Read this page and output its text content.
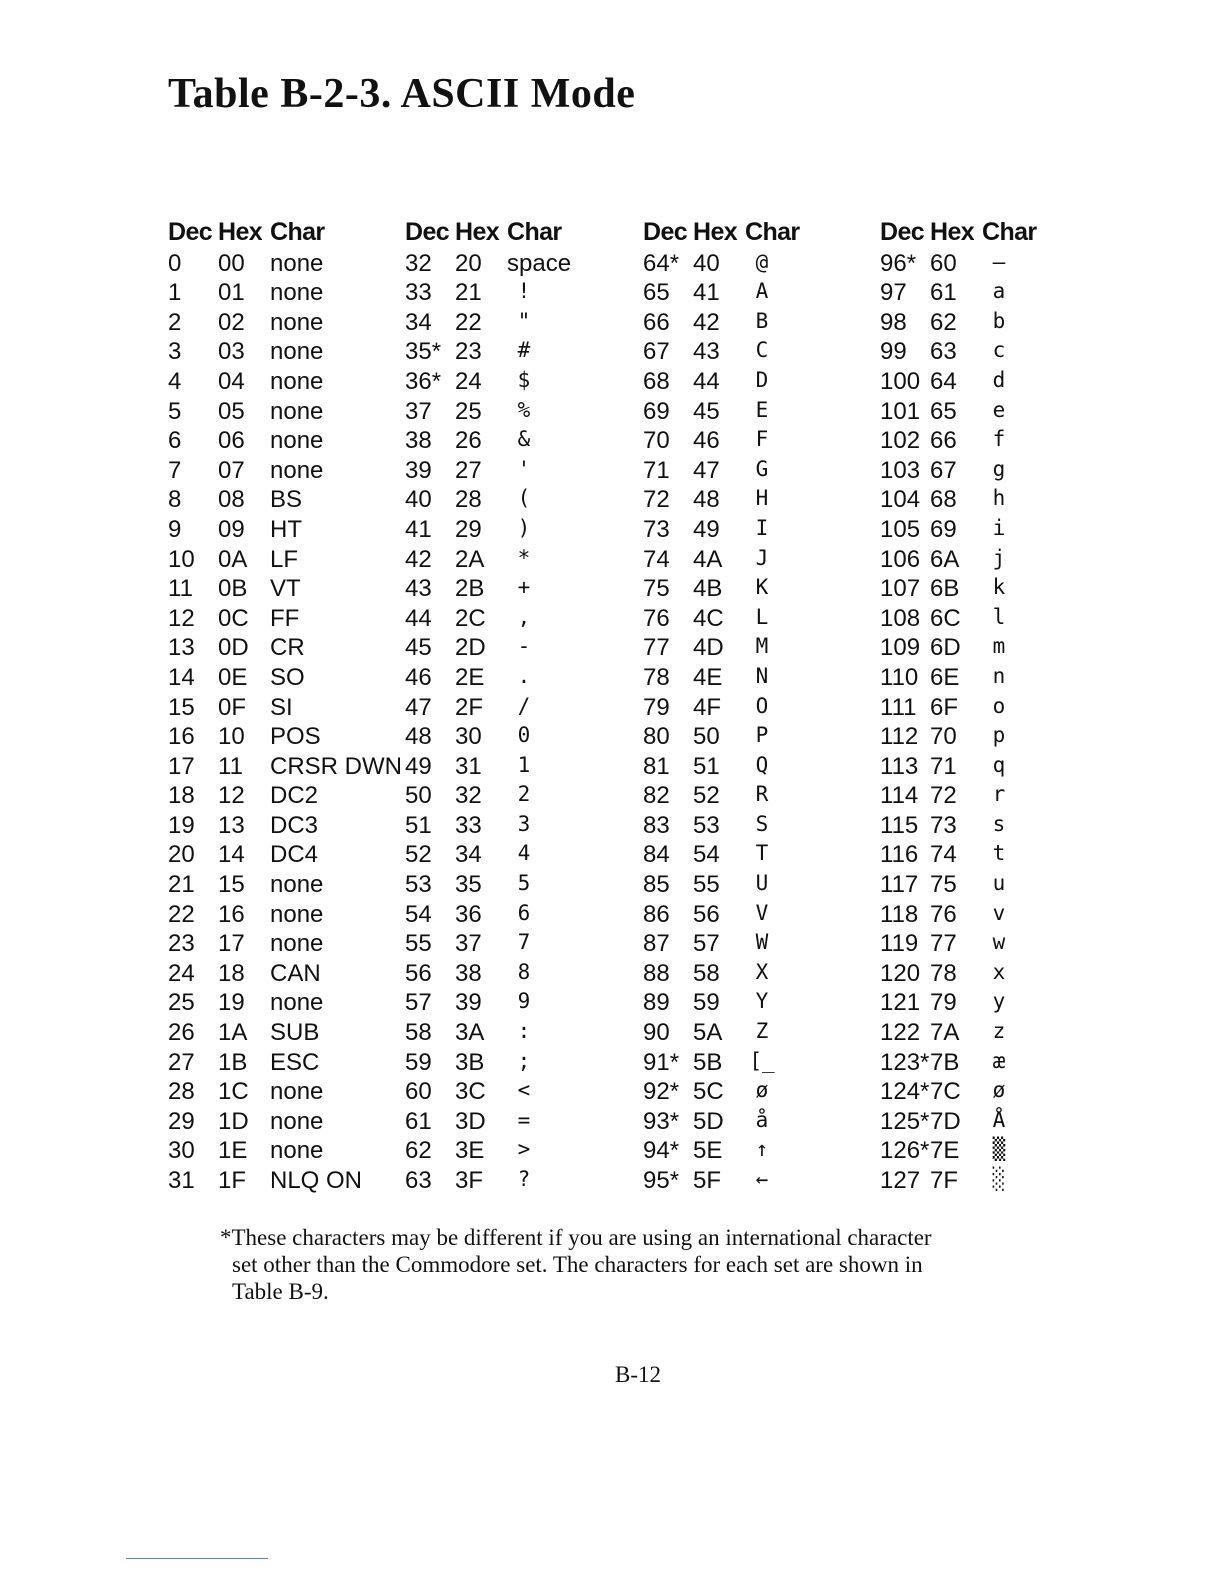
Table B-2-3. ASCII Mode
Dec Hex Char
0 00 none
1 01 none
2 02 none
3 03 none
4 04 none
5 05 none
6 06 none
7 07 none
8 08 BS
9 09 HT
10 0A LF
11 0B VT
12 0C FF
13 0D CR
14 0E SO
15 0F SI
16 10 POS
17 11 CRSR DWN
18 12 DC2
19 13 DC3
20 14 DC4
21 15 none
22 16 none
23 17 none
24 18 CAN
25 19 none
26 1A SUB
27 1B ESC
28 1C none
29 1D none
30 1E none
31 1F NLQ ON
Dec Hex Char
32 20 space
33 21	!
34 22	"
35* 23	#
36* 24	$
37 25	%
38 26	&
39 27	'
40 28	(
41 29	)
42 2A	*
43 2B	+
44 2C	,
45 2D	-
46 2E	.
47 2F	/
48 30	0
49 31	1
50 32	2
51 33	3
52 34	4
53 35	5
54 36	6
55 37	7
56 38	8
57 39	9
58 3A	:
59 3B	;
60 3C	<
61 3D	=
62 3E	>
63 3F	?
Dec Hex Char
64* 40	@
65 41	A
66 42	B
67 43	C
68 44	D
69 45	E
70 46	F
71 47	G
72 48	H
73 49	I
74 4A	J
75 4B	K
76 4C	L
77 4D	M
78 4E	N
79 4F	O
80 50	P
81 51	Q
82 52	R
83 53	S
84 54	T
85 55	U
86 56	V
87 57	W
88 58	X
89 59	Y
90 5A	Z
91* 5B [̲
92* 5C	ø
93* 5D	å
94* 5E	↑
95* 5F	←
Dec Hex Char
96* 60	—
97 61	a
98 62	b
99 63	c
100 64	d
101 65	e
102 66	f
103 67	g
104 68	h
105 69	i
106 6A	j
107 6B	k
108 6C	l
109 6D	m
110 6E	n
111 6F	o
112 70	p
113 71	q
114 72	r
115 73	s
116 74	t
117 75	u
118 76	v
119 77	w
120 78	x
121 79	y
122 7A	z
123* 7B	æ
124* 7C	ø
125* 7D	Å
126* 7E	▒
127 7F	░

*These characters may be different if you are using an international character set other than the Commodore set. The characters for each set are shown in Table B-9.

B-12
